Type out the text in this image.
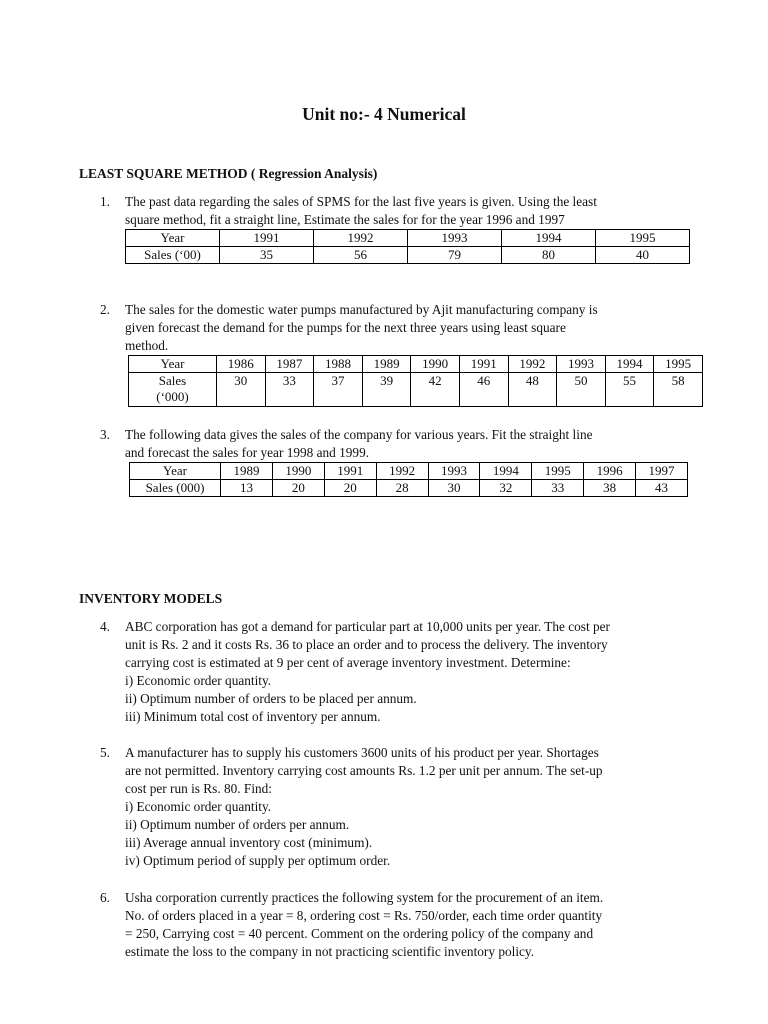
Unit no:- 4 Numerical
LEAST SQUARE METHOD ( Regression Analysis)
1. The past data regarding the sales of SPMS for the last five years is given. Using the least
square method, fit a straight line, Estimate the sales for for the year 1996 and 1997
Year	1991	1992	1993	1994	1995
Sales (‘00)	35	56	79	80	40
2. The sales for the domestic water pumps manufactured by Ajit manufacturing company is
given forecast the demand for the pumps for the next three years using least square
method.
Year	1986	1987	1988	1989	1990	1991	1992	1993	1994	1995
Sales (‘000)	30	33	37	39	42	46	48	50	55	58
3. The following data gives the sales of the company for various years. Fit the straight line
and forecast the sales for year 1998 and 1999.
Year	1989	1990	1991	1992	1993	1994	1995	1996	1997
Sales (000)	13	20	20	28	30	32	33	38	43
INVENTORY MODELS
4. ABC corporation has got a demand for particular part at 10,000 units per year. The cost per
unit is Rs. 2 and it costs Rs. 36 to place an order and to process the delivery. The inventory
carrying cost is estimated at 9 per cent of average inventory investment. Determine:
i) Economic order quantity.
ii) Optimum number of orders to be placed per annum.
iii) Minimum total cost of inventory per annum.
5. A manufacturer has to supply his customers 3600 units of his product per year. Shortages
are not permitted. Inventory carrying cost amounts Rs. 1.2 per unit per annum. The set-up
cost per run is Rs. 80. Find:
i) Economic order quantity.
ii) Optimum number of orders per annum.
iii) Average annual inventory cost (minimum).
iv) Optimum period of supply per optimum order.
6. Usha corporation currently practices the following system for the procurement of an item.
No. of orders placed in a year = 8, ordering cost = Rs. 750/order, each time order quantity
= 250, Carrying cost = 40 percent. Comment on the ordering policy of the company and
estimate the loss to the company in not practicing scientific inventory policy.
